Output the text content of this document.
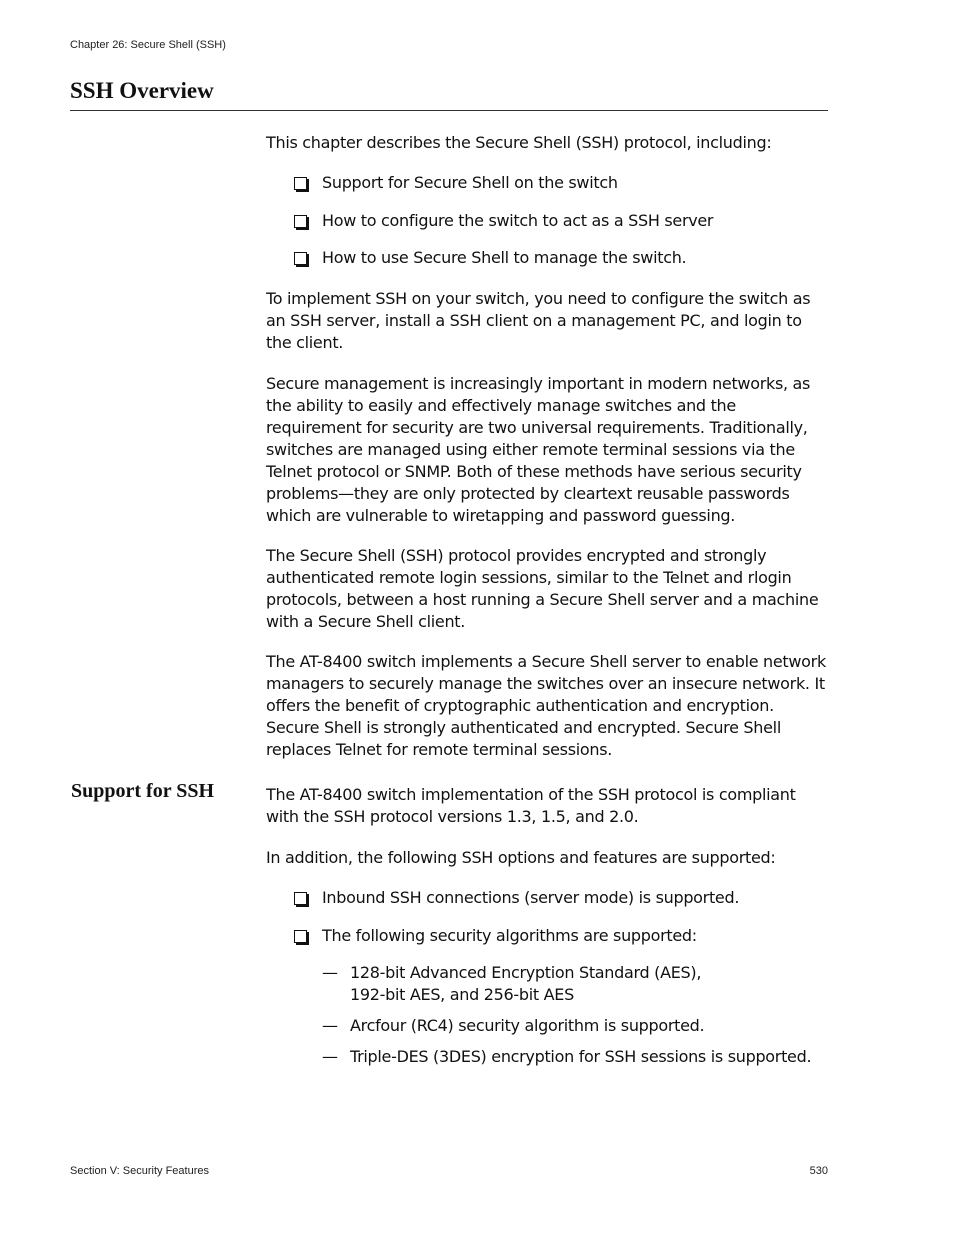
Chapter 26: Secure Shell (SSH)
SSH Overview
Support for SSH

This chapter describes the Secure Shell (SSH) protocol, including:

Support for Secure Shell on the switch
How to configure the switch to act as a SSH server
How to use Secure Shell to manage the switch.

To implement SSH on your switch, you need to configure the switch as an SSH server, install a SSH client on a management PC, and login to the client.

Secure management is increasingly important in modern networks, as the ability to easily and effectively manage switches and the requirement for security are two universal requirements. Traditionally, switches are managed using either remote terminal sessions via the Telnet protocol or SNMP. Both of these methods have serious security problems—they are only protected by cleartext reusable passwords which are vulnerable to wiretapping and password guessing.

The Secure Shell (SSH) protocol provides encrypted and strongly authenticated remote login sessions, similar to the Telnet and rlogin protocols, between a host running a Secure Shell server and a machine with a Secure Shell client.

The AT-8400 switch implements a Secure Shell server to enable network managers to securely manage the switches over an insecure network. It offers the benefit of cryptographic authentication and encryption. Secure Shell is strongly authenticated and encrypted. Secure Shell replaces Telnet for remote terminal sessions.

The AT-8400 switch implementation of the SSH protocol is compliant with the SSH protocol versions 1.3, 1.5, and 2.0.

In addition, the following SSH options and features are supported:

Inbound SSH connections (server mode) is supported.
The following security algorithms are supported:
— 128-bit Advanced Encryption Standard (AES), 192-bit AES, and 256-bit AES
— Arcfour (RC4) security algorithm is supported.
— Triple-DES (3DES) encryption for SSH sessions is supported.
Section V: Security Features	530
